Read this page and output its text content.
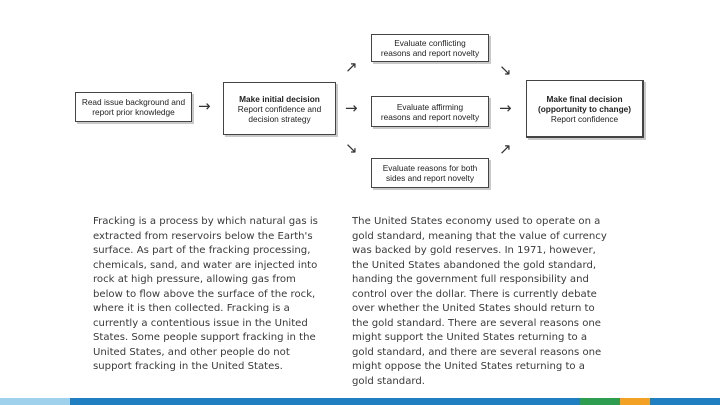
Read issue background and
report prior knowledge
Make initial decision
Report confidence and
decision strategy
Evaluate conflicting
reasons and report novelty
Evaluate affirming
reasons and report novelty
Evaluate reasons for both
sides and report novelty
Make final decision
(opportunity to change)
Report confidence
→
↗
→
↘
↘
→
↗
Fracking is a process by which natural gas is
extracted from reservoirs below the Earth's
surface. As part of the fracking processing,
chemicals, sand, and water are injected into
rock at high pressure, allowing gas from
below to flow above the surface of the rock,
where it is then collected. Fracking is a
currently a contentious issue in the United
States. Some people support fracking in the
United States, and other people do not
support fracking in the United States.
The United States economy used to operate on a
gold standard, meaning that the value of currency
was backed by gold reserves. In 1971, however,
the United States abandoned the gold standard,
handing the government full responsibility and
control over the dollar. There is currently debate
over whether the United States should return to
the gold standard. There are several reasons one
might support the United States returning to a
gold standard, and there are several reasons one
might oppose the United States returning to a
gold standard.
